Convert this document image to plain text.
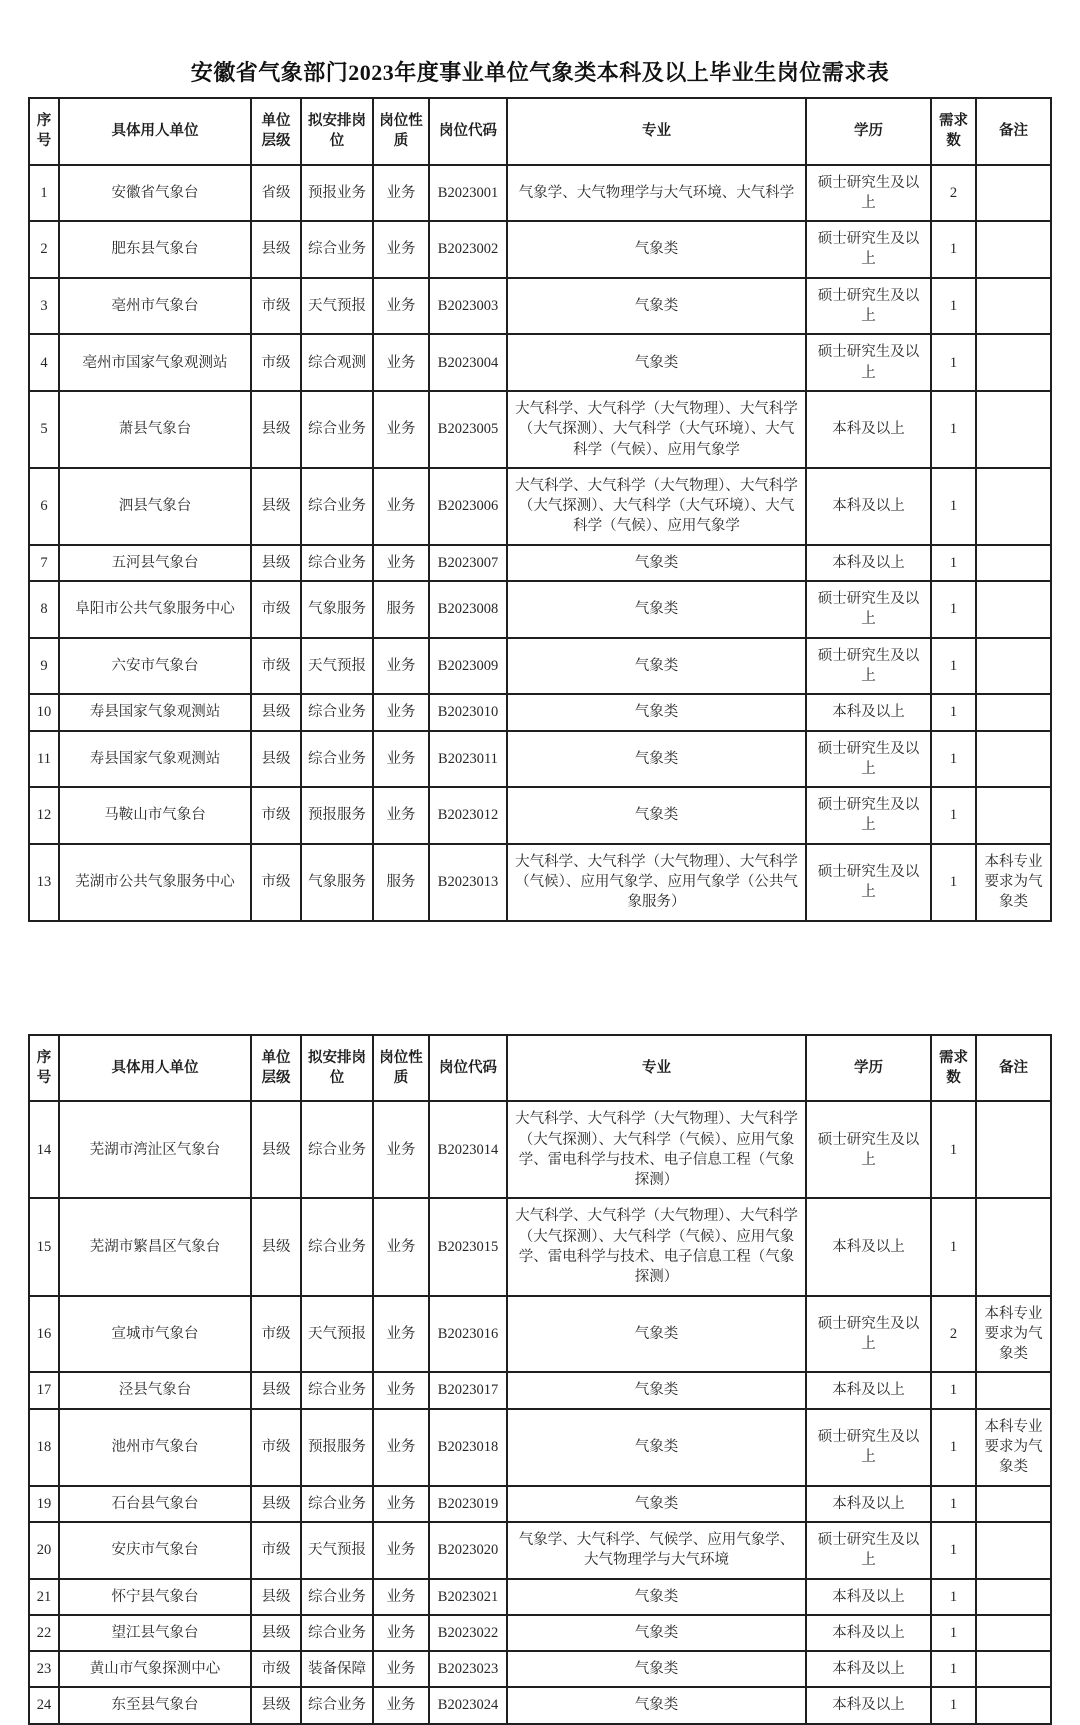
安徽省气象部门2023年度事业单位气象类本科及以上毕业生岗位需求表
序号	具体用人单位	单位层级	拟安排岗位	岗位性质	岗位代码	专业	学历	需求数	备注
1	安徽省气象台	省级	预报业务	业务	B2023001	气象学、大气物理学与大气环境、大气科学	硕士研究生及以上	2	
2	肥东县气象台	县级	综合业务	业务	B2023002	气象类	硕士研究生及以上	1	
3	亳州市气象台	市级	天气预报	业务	B2023003	气象类	硕士研究生及以上	1	
4	亳州市国家气象观测站	市级	综合观测	业务	B2023004	气象类	硕士研究生及以上	1	
5	萧县气象台	县级	综合业务	业务	B2023005	大气科学、大气科学（大气物理）、大气科学（大气探测）、大气科学（大气环境）、大气科学（气候）、应用气象学	本科及以上	1	
6	泗县气象台	县级	综合业务	业务	B2023006	大气科学、大气科学（大气物理）、大气科学（大气探测）、大气科学（大气环境）、大气科学（气候）、应用气象学	本科及以上	1	
7	五河县气象台	县级	综合业务	业务	B2023007	气象类	本科及以上	1	
8	阜阳市公共气象服务中心	市级	气象服务	服务	B2023008	气象类	硕士研究生及以上	1	
9	六安市气象台	市级	天气预报	业务	B2023009	气象类	硕士研究生及以上	1	
10	寿县国家气象观测站	县级	综合业务	业务	B2023010	气象类	本科及以上	1	
11	寿县国家气象观测站	县级	综合业务	业务	B2023011	气象类	硕士研究生及以上	1	
12	马鞍山市气象台	市级	预报服务	业务	B2023012	气象类	硕士研究生及以上	1	
13	芜湖市公共气象服务中心	市级	气象服务	服务	B2023013	大气科学、大气科学（大气物理）、大气科学（气候）、应用气象学、应用气象学（公共气象服务）	硕士研究生及以上	1	本科专业要求为气象类
序号	具体用人单位	单位层级	拟安排岗位	岗位性质	岗位代码	专业	学历	需求数	备注
14	芜湖市湾沚区气象台	县级	综合业务	业务	B2023014	大气科学、大气科学（大气物理）、大气科学（大气探测）、大气科学（气候）、应用气象学、雷电科学与技术、电子信息工程（气象探测）	硕士研究生及以上	1	
15	芜湖市繁昌区气象台	县级	综合业务	业务	B2023015	大气科学、大气科学（大气物理）、大气科学（大气探测）、大气科学（气候）、应用气象学、雷电科学与技术、电子信息工程（气象探测）	本科及以上	1	
16	宣城市气象台	市级	天气预报	业务	B2023016	气象类	硕士研究生及以上	2	本科专业要求为气象类
17	泾县气象台	县级	综合业务	业务	B2023017	气象类	本科及以上	1	
18	池州市气象台	市级	预报服务	业务	B2023018	气象类	硕士研究生及以上	1	本科专业要求为气象类
19	石台县气象台	县级	综合业务	业务	B2023019	气象类	本科及以上	1	
20	安庆市气象台	市级	天气预报	业务	B2023020	气象学、大气科学、气候学、应用气象学、大气物理学与大气环境	硕士研究生及以上	1	
21	怀宁县气象台	县级	综合业务	业务	B2023021	气象类	本科及以上	1	
22	望江县气象台	县级	综合业务	业务	B2023022	气象类	本科及以上	1	
23	黄山市气象探测中心	市级	装备保障	业务	B2023023	气象类	本科及以上	1	
24	东至县气象台	县级	综合业务	业务	B2023024	气象类	本科及以上	1	
